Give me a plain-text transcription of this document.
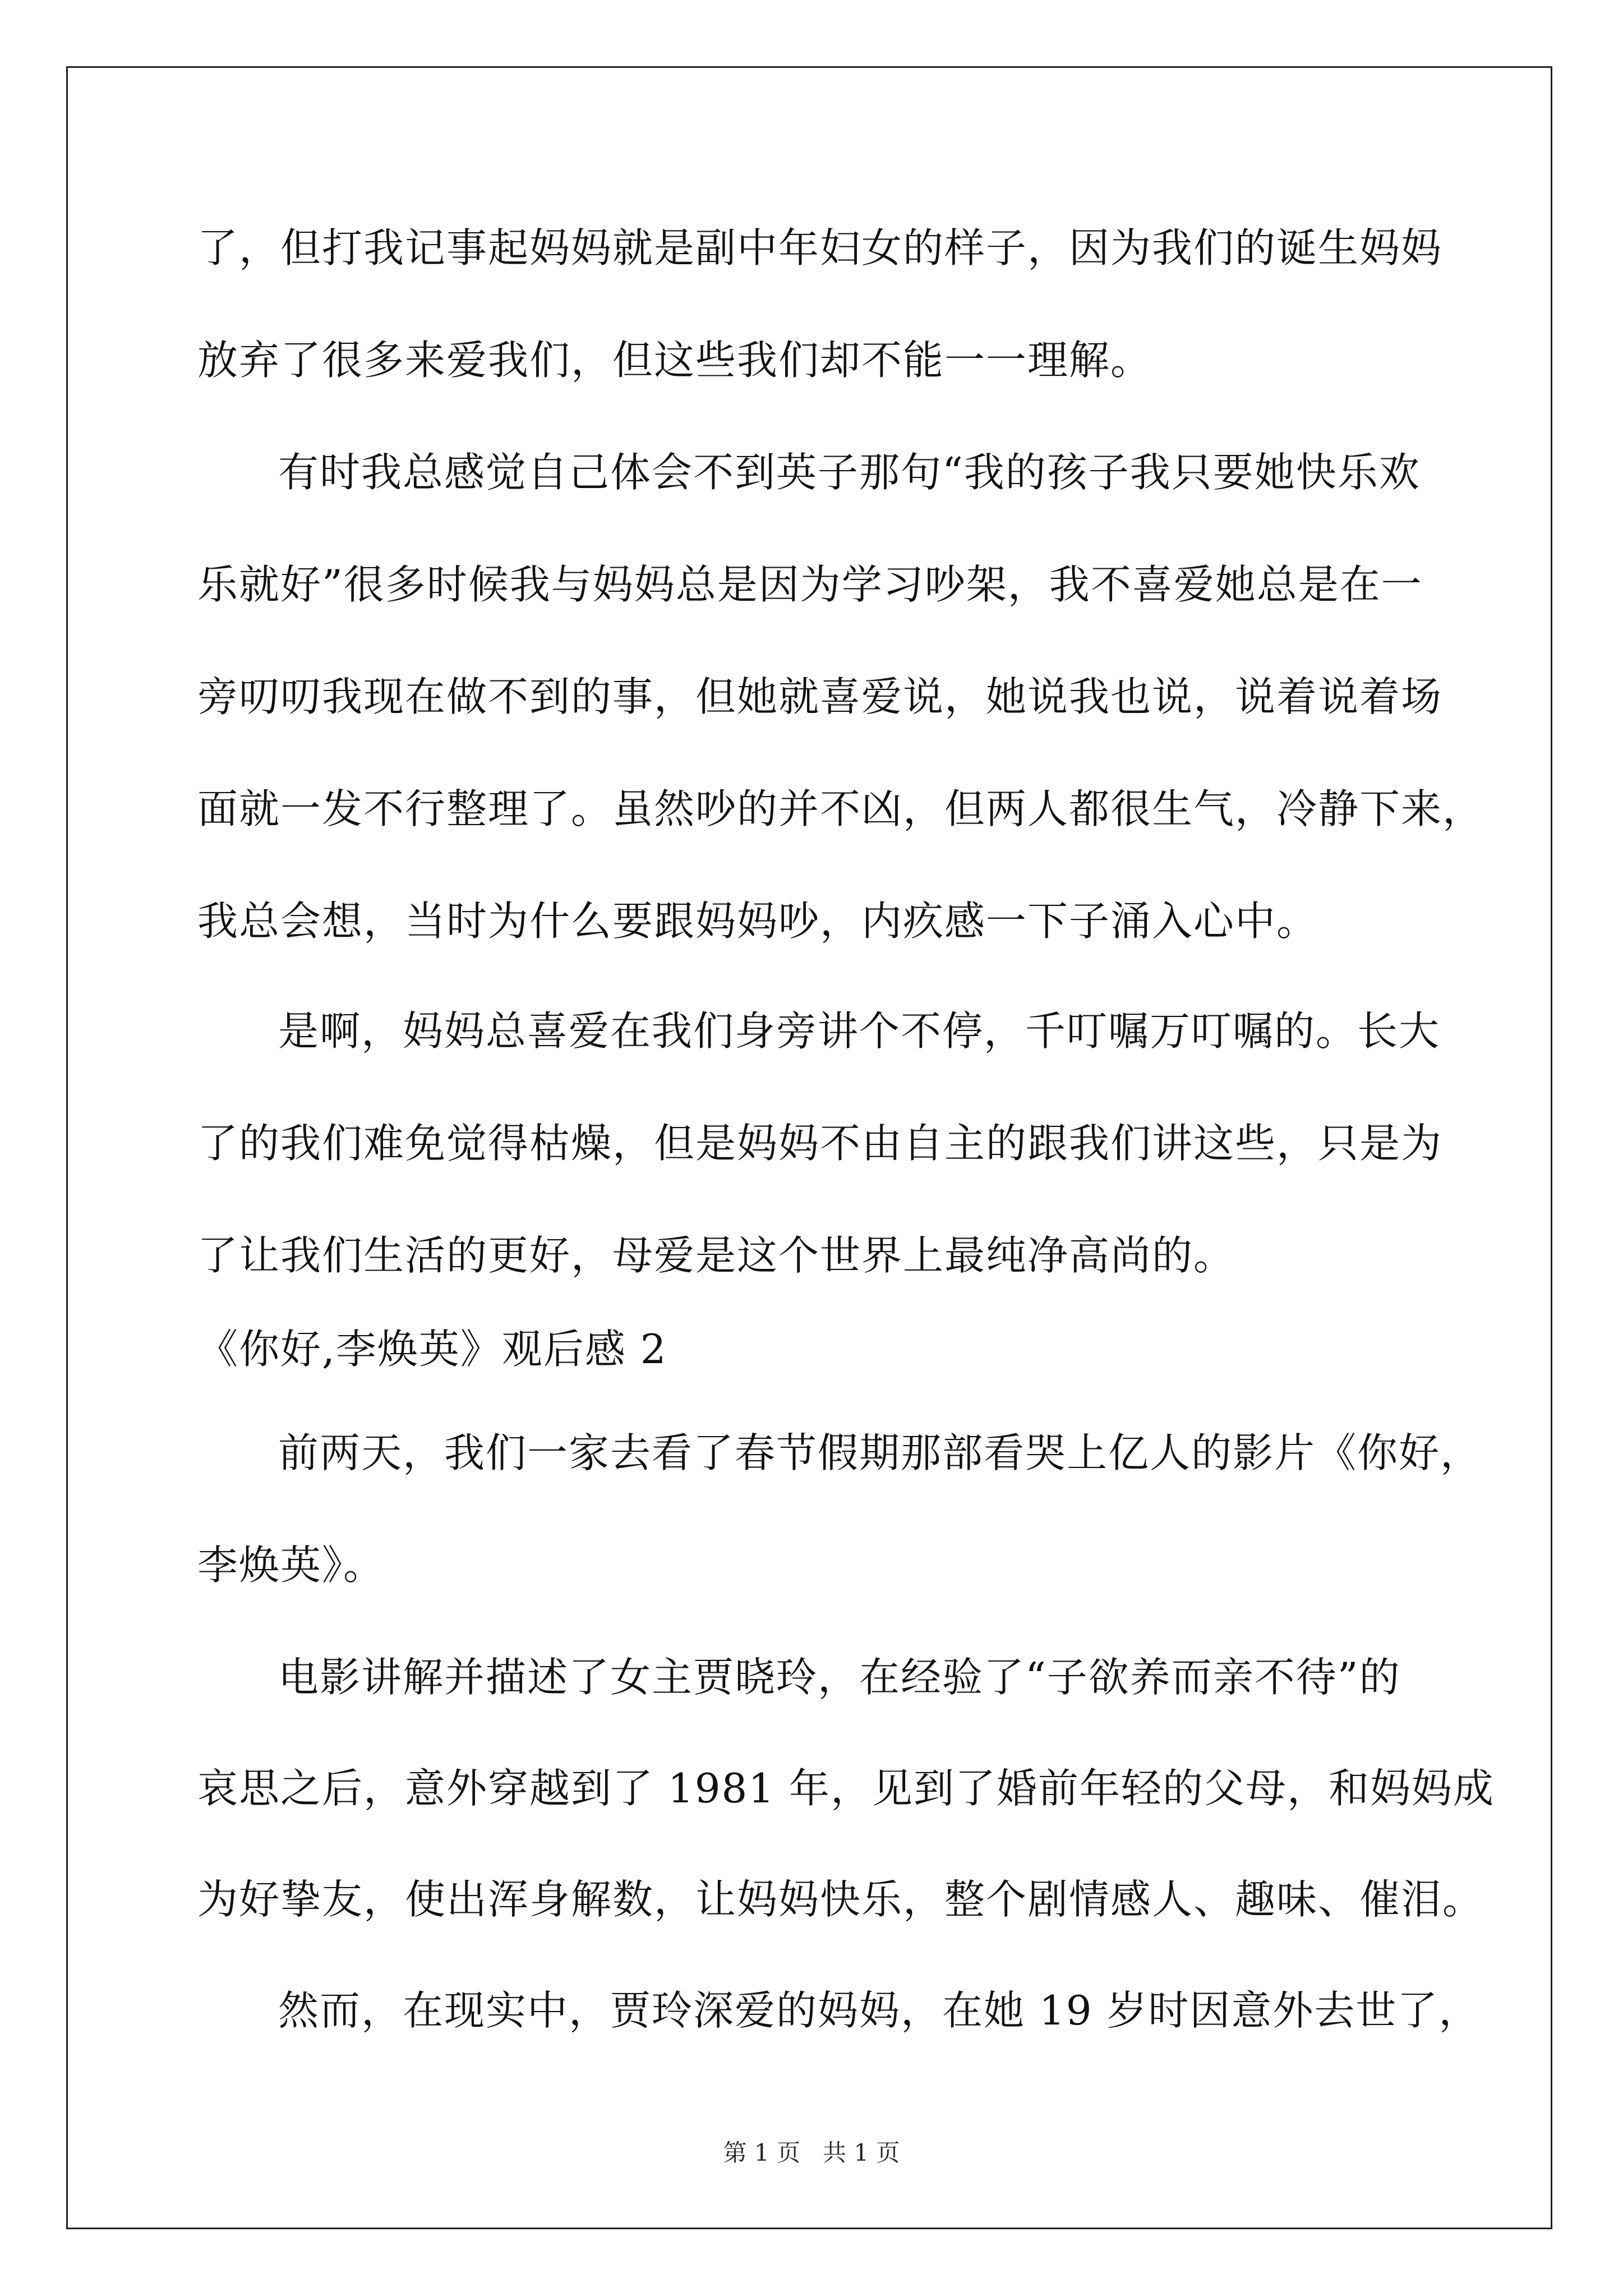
了，但打我记事起妈妈就是副中年妇女的样子，因为我们的诞生妈妈
放弃了很多来爱我们，但这些我们却不能一一理解。
有时我总感觉自己体会不到英子那句“我的孩子我只要她快乐欢
乐就好”很多时候我与妈妈总是因为学习吵架，我不喜爱她总是在一
旁叨叨我现在做不到的事，但她就喜爱说，她说我也说，说着说着场
面就一发不行整理了。虽然吵的并不凶，但两人都很生气，冷静下来，
我总会想，当时为什么要跟妈妈吵，内疚感一下子涌入心中。
是啊，妈妈总喜爱在我们身旁讲个不停，千叮嘱万叮嘱的。长大
了的我们难免觉得枯燥，但是妈妈不由自主的跟我们讲这些，只是为
了让我们生活的更好，母爱是这个世界上最纯净高尚的。
《你好,李焕英》观后感 2
前两天，我们一家去看了春节假期那部看哭上亿人的影片《你好，
李焕英》。
电影讲解并描述了女主贾晓玲，在经验了“子欲养而亲不待”的
哀思之后，意外穿越到了 1981 年，见到了婚前年轻的父母，和妈妈成
为好挚友，使出浑身解数，让妈妈快乐，整个剧情感人、趣味、催泪。
然而，在现实中，贾玲深爱的妈妈，在她 19 岁时因意外去世了，
第 1 页 共 1 页
